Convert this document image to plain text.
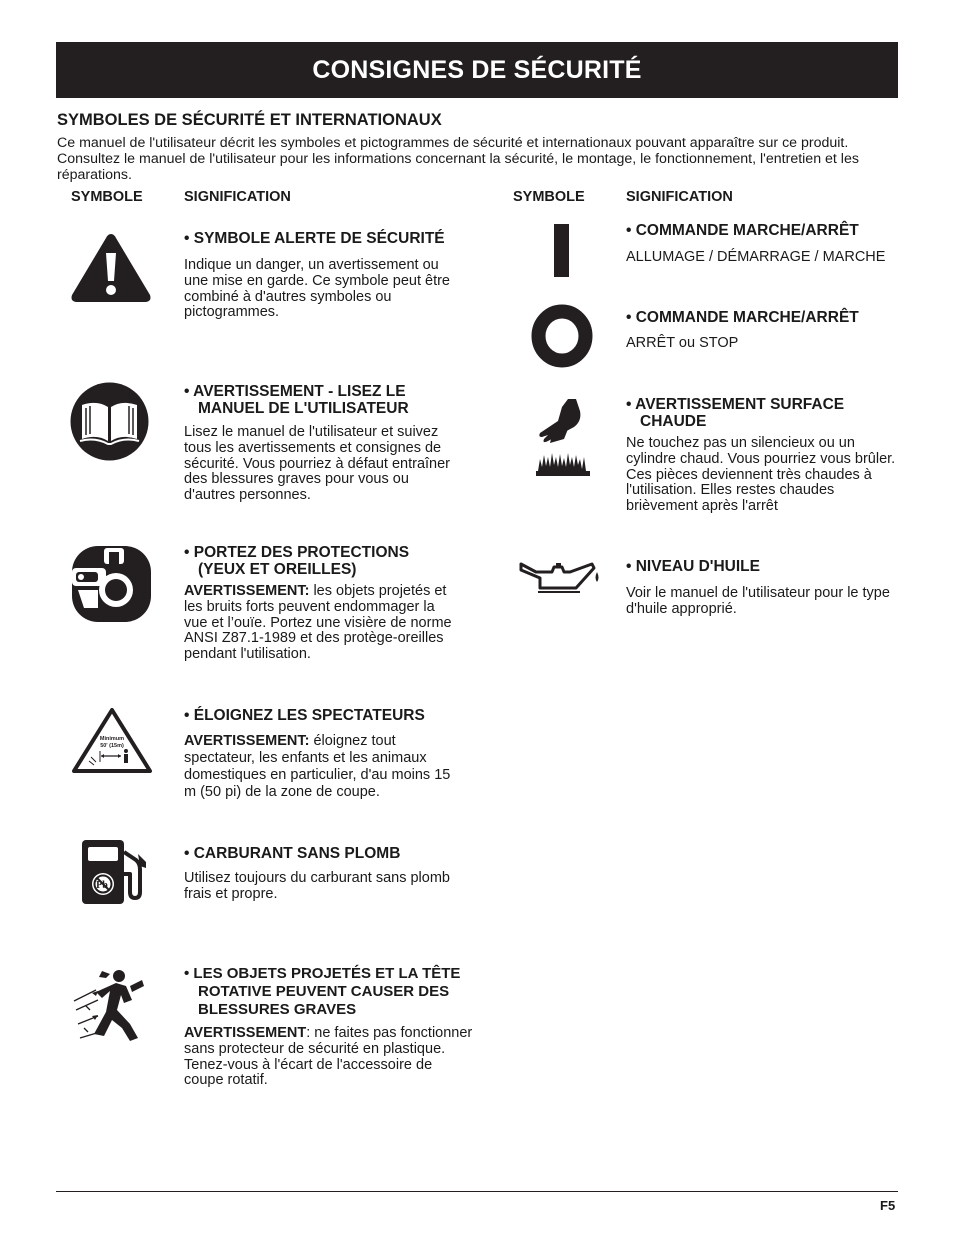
CONSIGNES DE SÉCURITÉ
SYMBOLES DE SÉCURITÉ ET INTERNATIONAUX
Ce manuel de l'utilisateur décrit les symboles et pictogrammes de sécurité et internationaux pouvant apparaître sur ce produit. Consultez le manuel de l'utilisateur pour les informations concernant la sécurité, le montage, le fonctionnement, l'entretien et les réparations.
SYMBOLE	SIGNIFICATION	SYMBOLE	SIGNIFICATION
Minimum
50' (15m)
Pb
• SYMBOLE ALERTE DE SÉCURITÉ
Indique un danger, un avertissement ou une mise en garde. Ce symbole peut être combiné à d'autres symboles ou pictogrammes.
• AVERTISSEMENT - LISEZ LE MANUEL DE L'UTILISATEUR
Lisez le manuel de l'utilisateur et suivez tous les avertissements et consignes de sécurité. Vous pourriez à défaut entraîner des blessures graves pour vous ou d'autres personnes.
• PORTEZ DES PROTECTIONS (YEUX ET OREILLES)
AVERTISSEMENT: les objets projetés et les bruits forts peuvent endommager la vue et l’ouïe. Portez une visière de norme ANSI Z87.1-1989 et des protège-oreilles pendant l'utilisation.
• ÉLOIGNEZ LES SPECTATEURS
AVERTISSEMENT: éloignez tout spectateur, les enfants et les animaux domestiques en particulier, d'au moins 15 m (50 pi) de la zone de coupe.
• CARBURANT SANS PLOMB
Utilisez toujours du carburant sans plomb frais et propre.
• LES OBJETS PROJETÉS ET LA TÊTE ROTATIVE PEUVENT CAUSER DES BLESSURES GRAVES
AVERTISSEMENT: ne faites pas fonctionner sans protecteur de sécurité en plastique. Tenez-vous à l'écart de l'accessoire de coupe rotatif.
• COMMANDE MARCHE/ARRÊT
ALLUMAGE / DÉMARRAGE / MARCHE
• COMMANDE MARCHE/ARRÊT
ARRÊT ou STOP
• AVERTISSEMENT SURFACE CHAUDE
Ne touchez pas un silencieux ou un cylindre chaud. Vous pourriez vous brûler. Ces pièces deviennent très chaudes à l'utilisation. Elles restes chaudes brièvement après l'arrêt
• NIVEAU D'HUILE
Voir le manuel de l'utilisateur pour le type d'huile approprié.
F5
